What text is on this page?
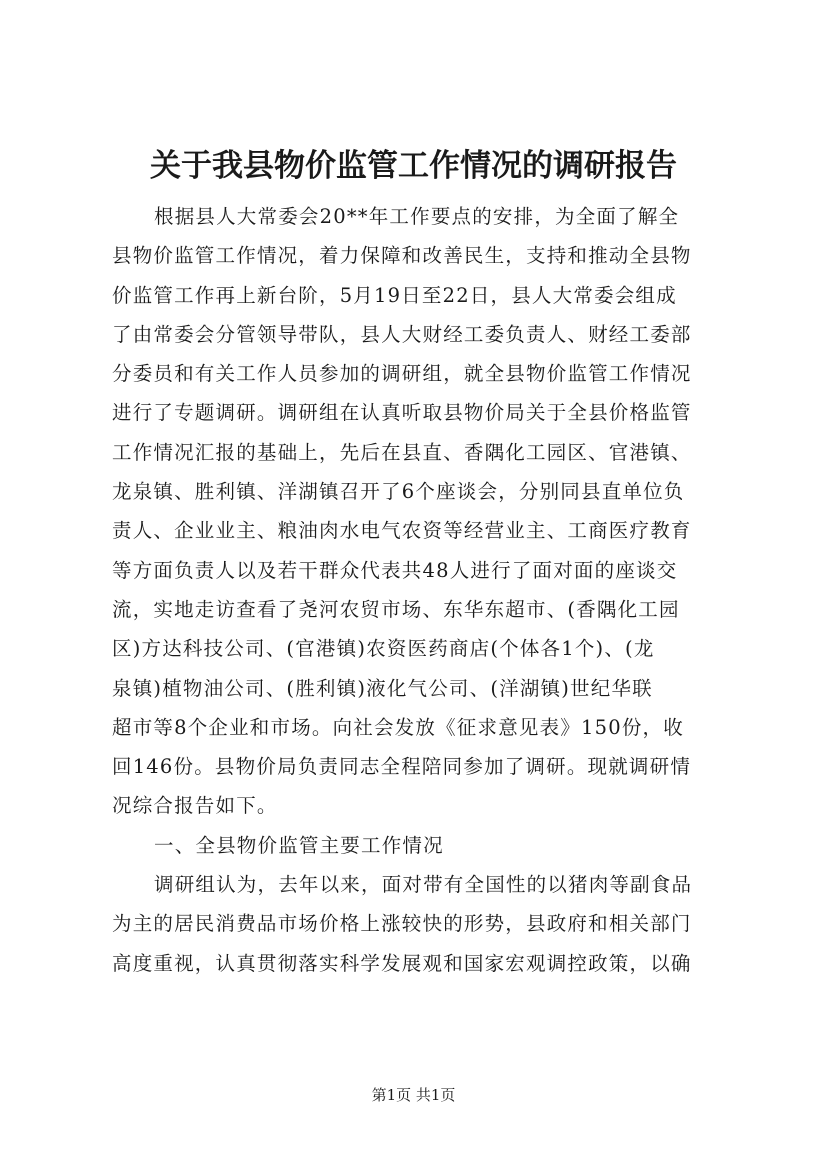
关于我县物价监管工作情况的调研报告
根据县人大常委会20**年工作要点的安排，为全面了解全
县物价监管工作情况，着力保障和改善民生，支持和推动全县物
价监管工作再上新台阶，5月19日至22日，县人大常委会组成
了由常委会分管领导带队，县人大财经工委负责人、财经工委部
分委员和有关工作人员参加的调研组，就全县物价监管工作情况
进行了专题调研。调研组在认真听取县物价局关于全县价格监管
工作情况汇报的基础上，先后在县直、香隅化工园区、官港镇、
龙泉镇、胜利镇、洋湖镇召开了6个座谈会，分别同县直单位负
责人、企业业主、粮油肉水电气农资等经营业主、工商医疗教育
等方面负责人以及若干群众代表共48人进行了面对面的座谈交
流，实地走访查看了尧河农贸市场、东华东超市、(香隅化工园
区)方达科技公司、(官港镇)农资医药商店(个体各1个)、(龙
泉镇)植物油公司、(胜利镇)液化气公司、(洋湖镇)世纪华联
超市等8个企业和市场。向社会发放《征求意见表》150份，收
回146份。县物价局负责同志全程陪同参加了调研。现就调研情
况综合报告如下。
一、全县物价监管主要工作情况
调研组认为，去年以来，面对带有全国性的以猪肉等副食品
为主的居民消费品市场价格上涨较快的形势，县政府和相关部门
高度重视，认真贯彻落实科学发展观和国家宏观调控政策，以确
第1页 共1页
